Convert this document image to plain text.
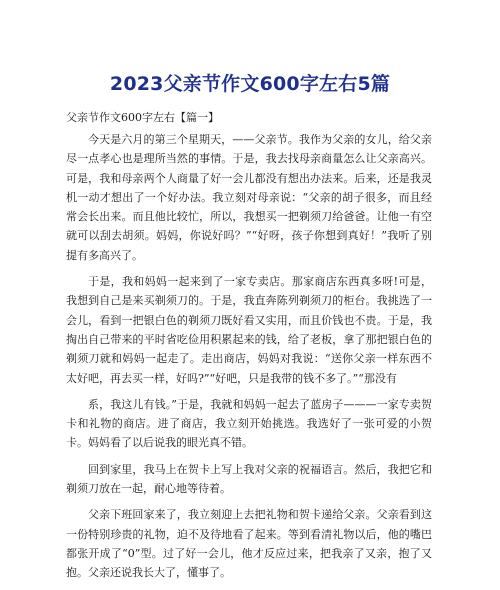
2023父亲节作文600字左右5篇
父亲节作文600字左右【篇一】

今天是六月的第三个星期天，——父亲节。我作为父亲的女儿，给父亲尽一点孝心也是理所当然的事情。于是，我去找母亲商量怎么让父亲高兴。可是，我和母亲两个人商量了好一会儿都没有想出办法来。后来，还是我灵机一动才想出了一个好办法。我立刻对母亲说：“父亲的胡子很多，而且经常会长出来。而且他比较忙，所以，我想买一把剃须刀给爸爸。让他一有空就可以刮去胡须。妈妈，你说好吗？”“好呀，孩子你想到真好！”我听了别提有多高兴了。

于是，我和妈妈一起来到了一家专卖店。那家商店东西真多呀!可是，我想到自己是来买剃须刀的。于是，我直奔陈列剃须刀的柜台。我挑选了一会儿，看到一把银白色的剃须刀既好看又实用，而且价钱也不贵。于是，我掏出自己带来的平时省吃俭用积累起来的钱，给了老板，拿了那把银白色的剃须刀就和妈妈一起走了。走出商店，妈妈对我说：“送你父亲一样东西不太好吧，再去买一样，好吗?”“好吧，只是我带的钱不多了。”“那没有

系，我这儿有钱。”于是，我就和妈妈一起去了蓝房子———一家专卖贺卡和礼物的商店。进了商店，我立刻开始挑选。我选好了一张可爱的小贺卡。妈妈看了以后说我的眼光真不错。

回到家里，我马上在贺卡上写上我对父亲的祝福语言。然后，我把它和剃须刀放在一起，耐心地等待着。

父亲下班回家来了，我立刻迎上去把礼物和贺卡递给父亲。父亲看到这一份特别珍贵的礼物，迫不及待地看了起来。等到看清礼物以后，他的嘴巴都张开成了“0”型。过了好一会儿，他才反应过来，把我亲了又亲，抱了又抱。父亲还说我长大了，懂事了。
